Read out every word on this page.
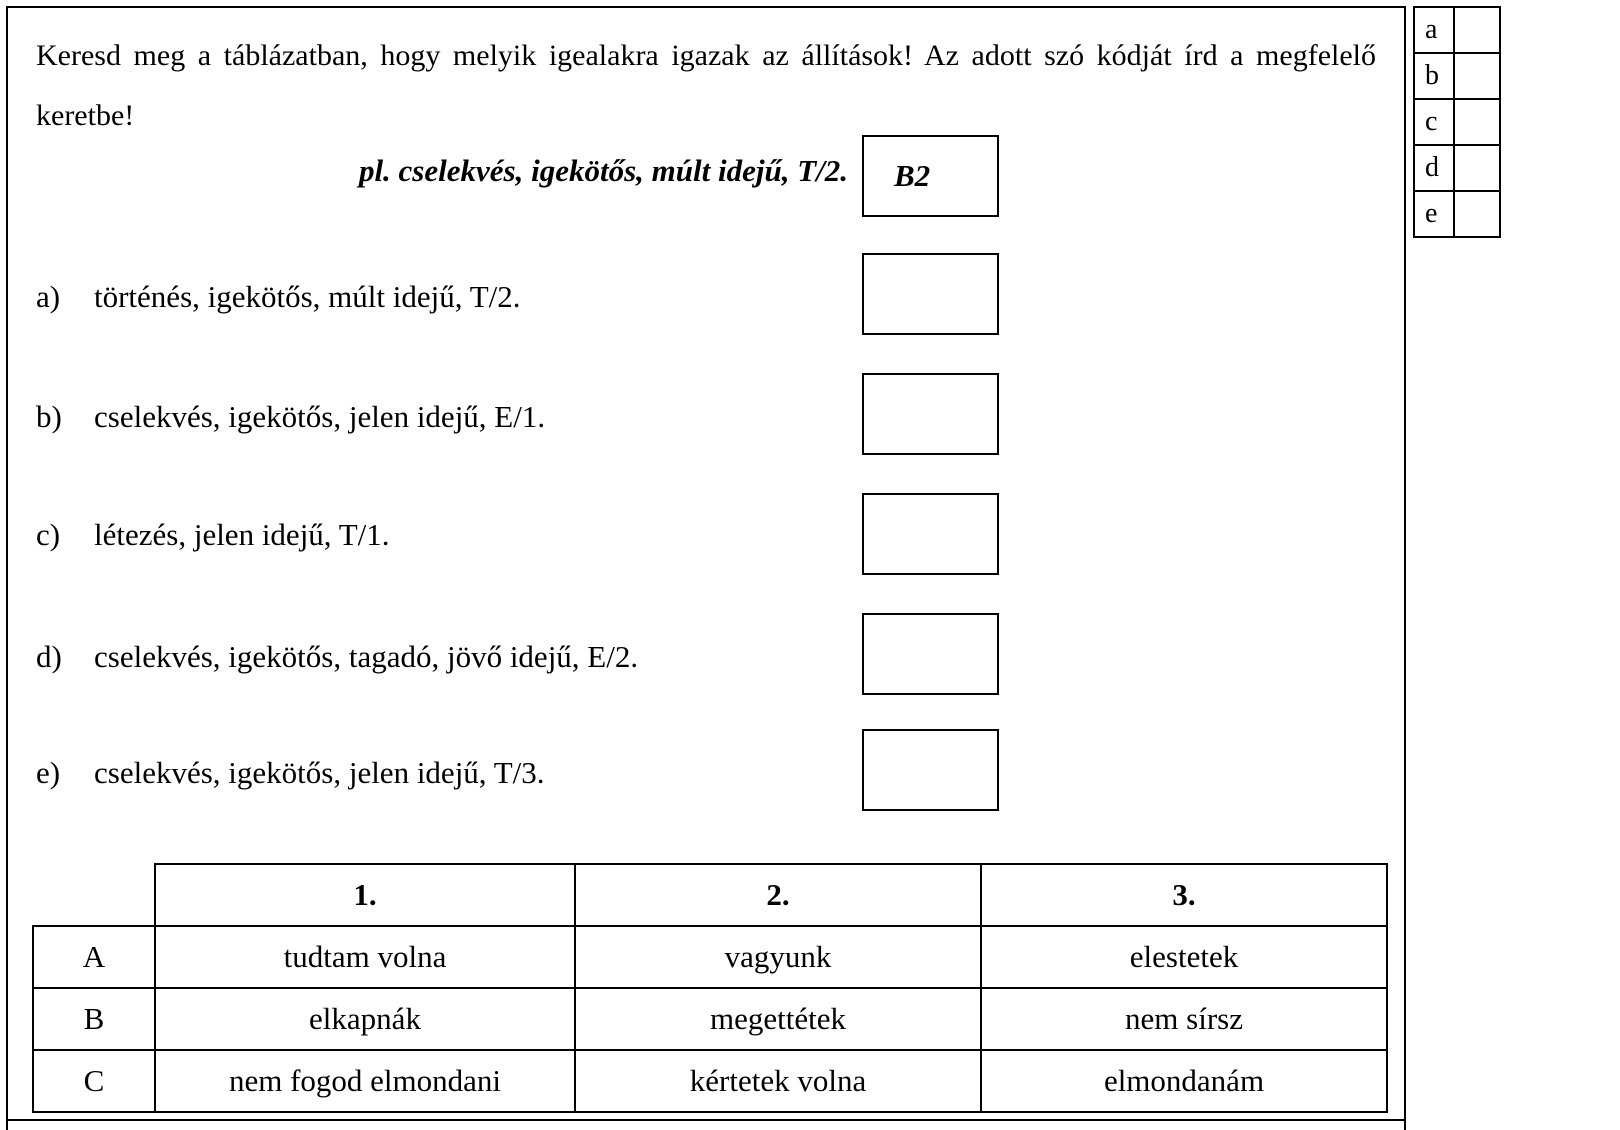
Keresd meg a táblázatban, hogy melyik igealakra igazak az állítások! Az adott szó kódját írd a megfelelő keretbe!

pl. cselekvés, igekötős, múlt idejű, T/2.	B2
a) történés, igekötős, múlt idejű, T/2.
b) cselekvés, igekötős, jelen idejű, E/1.
c) létezés, jelen idejű, T/1.
d) cselekvés, igekötős, tagadó, jövő idejű, E/2.
e) cselekvés, igekötős, jelen idejű, T/3.
a	
b	
c	
d	
e	
	1.	2.	3.
A	tudtam volna	vagyunk	elestetek
B	elkapnák	megettétek	nem sírsz
C	nem fogod elmondani	kértetek volna	elmondanám
